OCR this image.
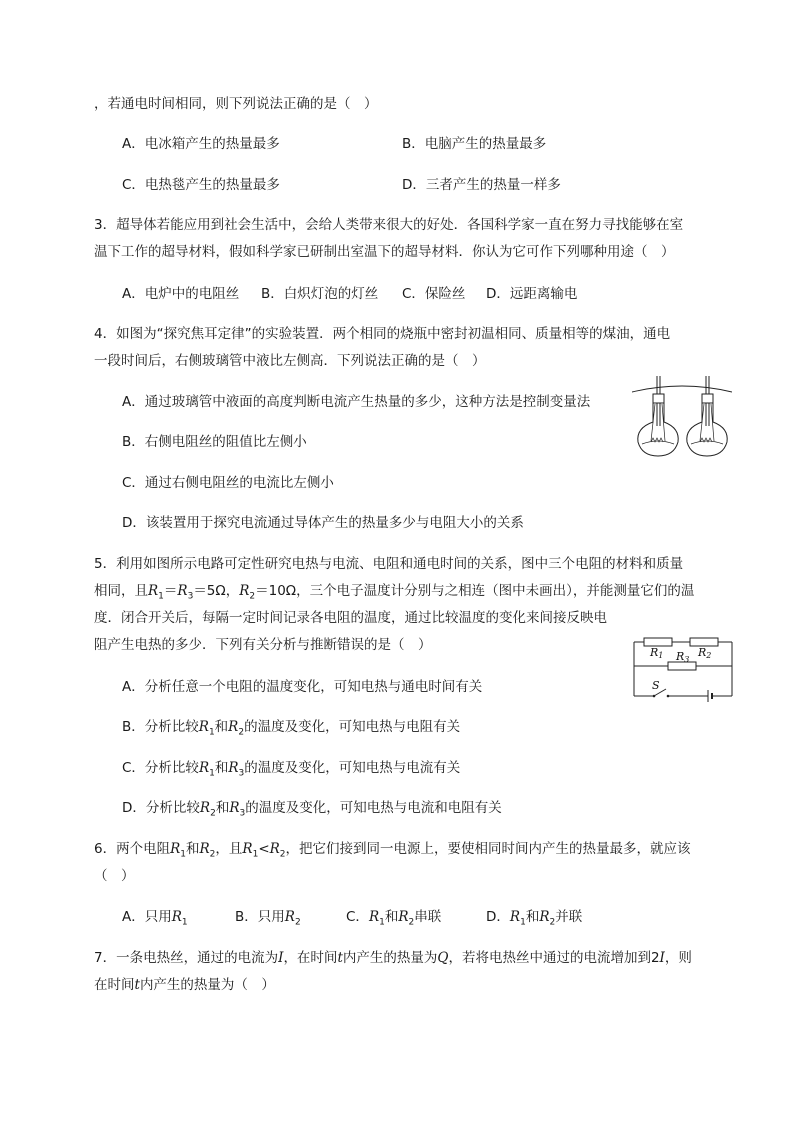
，若通电时间相同，则下列说法正确的是（　）
A．电冰箱产生的热量最多	B．电脑产生的热量最多
C．电热毯产生的热量最多	D．三者产生的热量一样多
3．超导体若能应用到社会生活中，会给人类带来很大的好处．各国科学家一直在努力寻找能够在室
温下工作的超导材料，假如科学家已研制出室温下的超导材料．你认为它可作下列哪种用途（　）
A．电炉中的电阻丝 B．白炽灯泡的灯丝 C．保险丝 D．远距离输电
4．如图为“探究焦耳定律”的实验装置．两个相同的烧瓶中密封初温相同、质量相等的煤油，通电
一段时间后，右侧玻璃管中液比左侧高．下列说法正确的是（　）
A．通过玻璃管中液面的高度判断电流产生热量的多少，这种方法是控制变量法
B．右侧电阻丝的阻值比左侧小
C．通过右侧电阻丝的电流比左侧小
D．该装置用于探究电流通过导体产生的热量多少与电阻大小的关系
5．利用如图所示电路可定性研究电热与电流、电阻和通电时间的关系，图中三个电阻的材料和质量
相同，且$R_1=R_3=5\Omega$，$R_2=10\Omega$，三个电子温度计分别与之相连（图中未画出），并能测量它们的温
度．闭合开关后，每隔一定时间记录各电阻的温度，通过比较温度的变化来间接反映电
阻产生电热的多少．下列有关分析与推断错误的是（　）
A．分析任意一个电阻的温度变化，可知电热与通电时间有关
B．分析比较$R_1$和$R_2$的温度及变化，可知电热与电阻有关
C．分析比较$R_1$和$R_3$的温度及变化，可知电热与电流有关
D．分析比较$R_2$和$R_3$的温度及变化，可知电热与电流和电阻有关
R1	R2
R3
S
6．两个电阻$R_1$和$R_2$，且$R_1<R_2$，把它们接到同一电源上，要使相同时间内产生的热量最多，就应该
（　）
A．只用$R_1$	B．只用$R_2$	C．$R_1$和$R_2$串联	D．$R_1$和$R_2$并联
7．一条电热丝，通过的电流为I，在时间t内产生的热量为Q，若将电热丝中通过的电流增加到2I，则
在时间t内产生的热量为（　）
